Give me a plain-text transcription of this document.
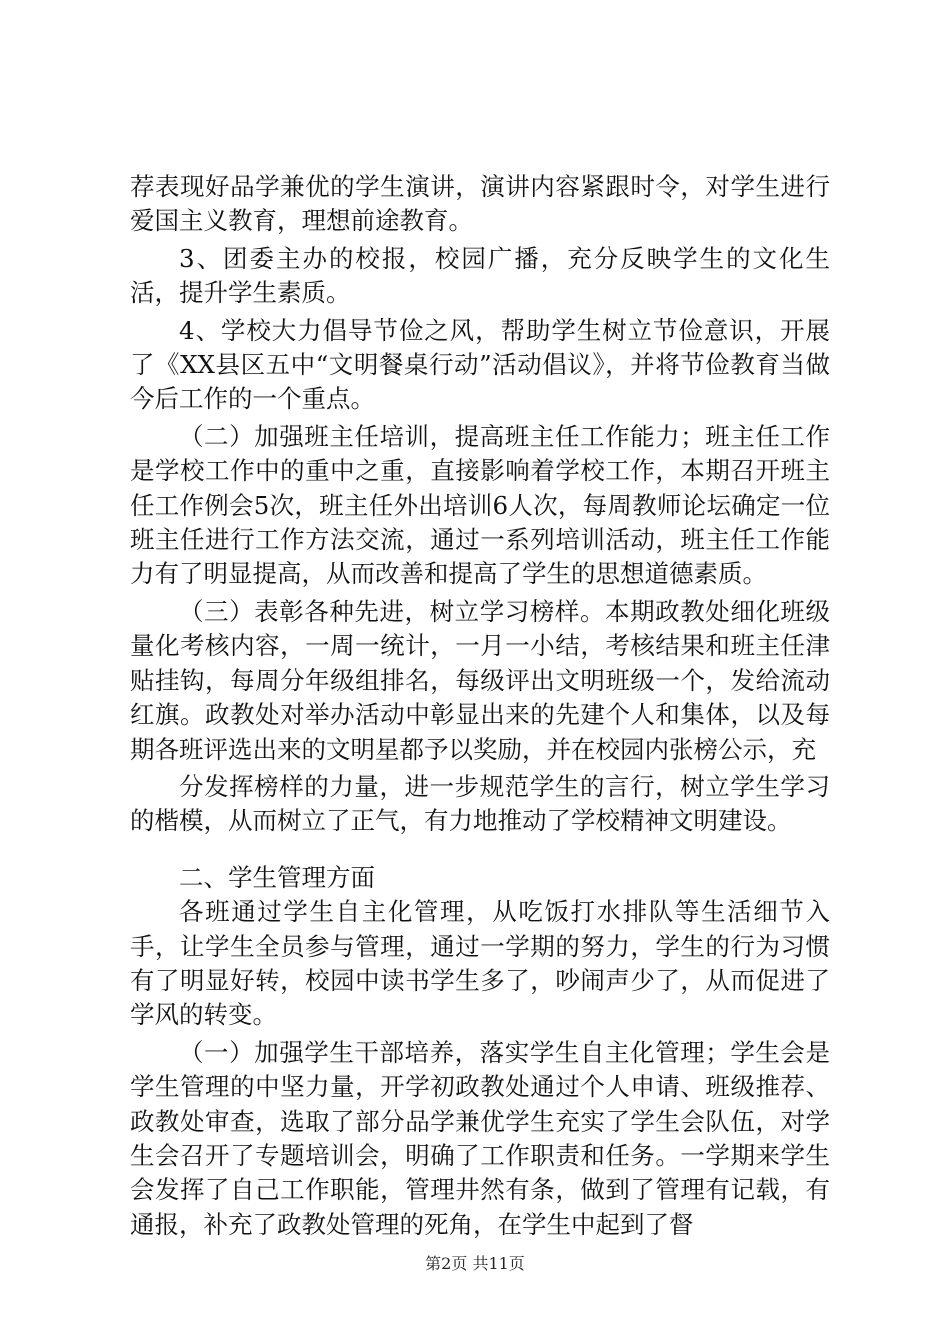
荐表现好品学兼优的学生演讲，演讲内容紧跟时令，对学生进行爱国主义教育，理想前途教育。

3、团委主办的校报，校园广播，充分反映学生的文化生活，提升学生素质。

4、学校大力倡导节俭之风，帮助学生树立节俭意识，开展了《XX县区五中“文明餐桌行动”活动倡议》，并将节俭教育当做今后工作的一个重点。

（二）加强班主任培训，提高班主任工作能力；班主任工作是学校工作中的重中之重，直接影响着学校工作，本期召开班主任工作例会5次，班主任外出培训6人次，每周教师论坛确定一位班主任进行工作方法交流，通过一系列培训活动，班主任工作能力有了明显提高，从而改善和提高了学生的思想道德素质。

（三）表彰各种先进，树立学习榜样。本期政教处细化班级量化考核内容，一周一统计，一月一小结，考核结果和班主任津贴挂钩，每周分年级组排名，每级评出文明班级一个，发给流动红旗。政教处对举办活动中彰显出来的先建个人和集体，以及每期各班评选出来的文明星都予以奖励，并在校园内张榜公示，充

分发挥榜样的力量，进一步规范学生的言行，树立学生学习的楷模，从而树立了正气，有力地推动了学校精神文明建设。

二、学生管理方面

各班通过学生自主化管理，从吃饭打水排队等生活细节入手，让学生全员参与管理，通过一学期的努力，学生的行为习惯有了明显好转，校园中读书学生多了，吵闹声少了，从而促进了学风的转变。

（一）加强学生干部培养，落实学生自主化管理；学生会是学生管理的中坚力量，开学初政教处通过个人申请、班级推荐、政教处审查，选取了部分品学兼优学生充实了学生会队伍，对学生会召开了专题培训会，明确了工作职责和任务。一学期来学生会发挥了自己工作职能，管理井然有条，做到了管理有记载，有通报，补充了政教处管理的死角，在学生中起到了督

第2页 共11页
